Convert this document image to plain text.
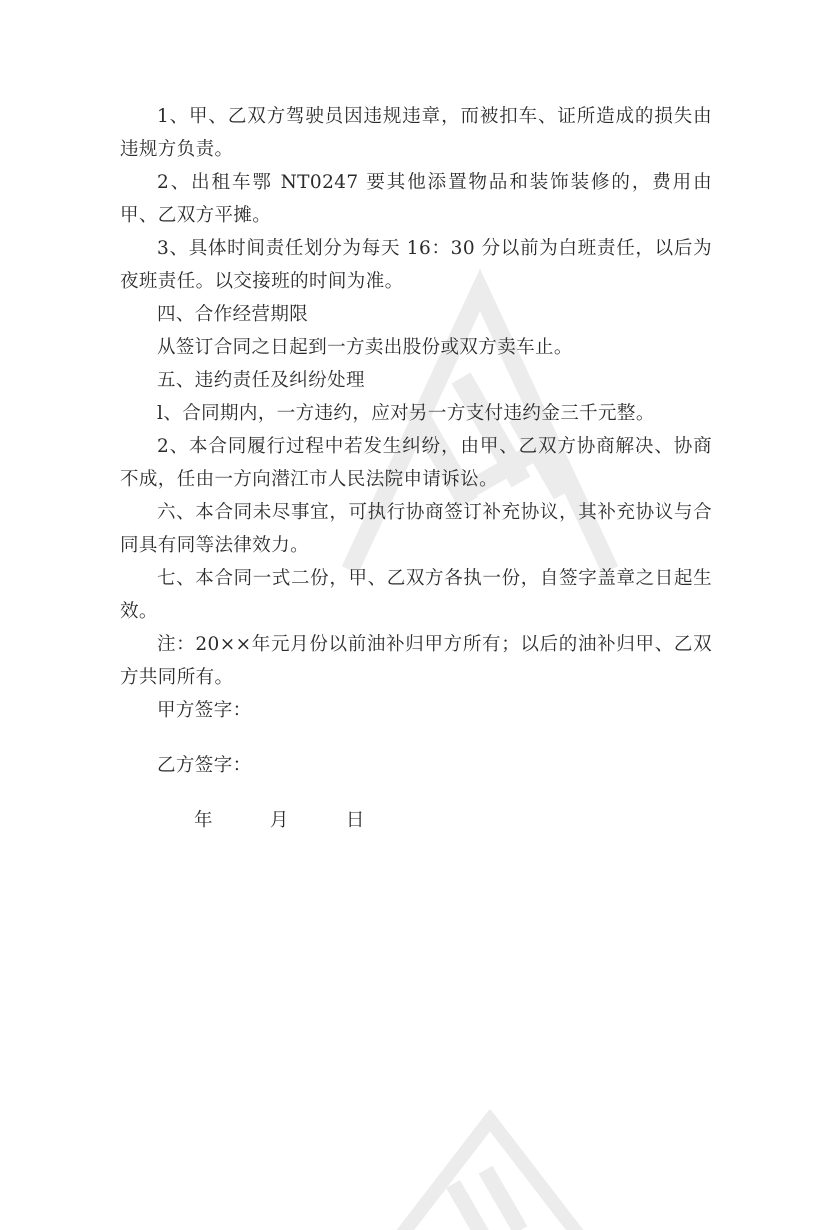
1、甲、乙双方驾驶员因违规违章，而被扣车、证所造成的损失由违规方负责。

2、出租车鄂 NT0247 要其他添置物品和装饰装修的，费用由甲、乙双方平摊。

3、具体时间责任划分为每天 16：30 分以前为白班责任，以后为夜班责任。以交接班的时间为准。

四、合作经营期限

从签订合同之日起到一方卖出股份或双方卖车止。

五、违约责任及纠纷处理

l、合同期内，一方违约，应对另一方支付违约金三千元整。

2、本合同履行过程中若发生纠纷，由甲、乙双方协商解决、协商不成，任由一方向潜江市人民法院申请诉讼。

六、本合同未尽事宜，可执行协商签订补充协议，其补充协议与合同具有同等法律效力。

七、本合同一式二份，甲、乙双方各执一份，自签字盖章之日起生效。

注：20××年元月份以前油补归甲方所有；以后的油补归甲、乙双方共同所有。

甲方签字：

乙方签字：

年	月	日
